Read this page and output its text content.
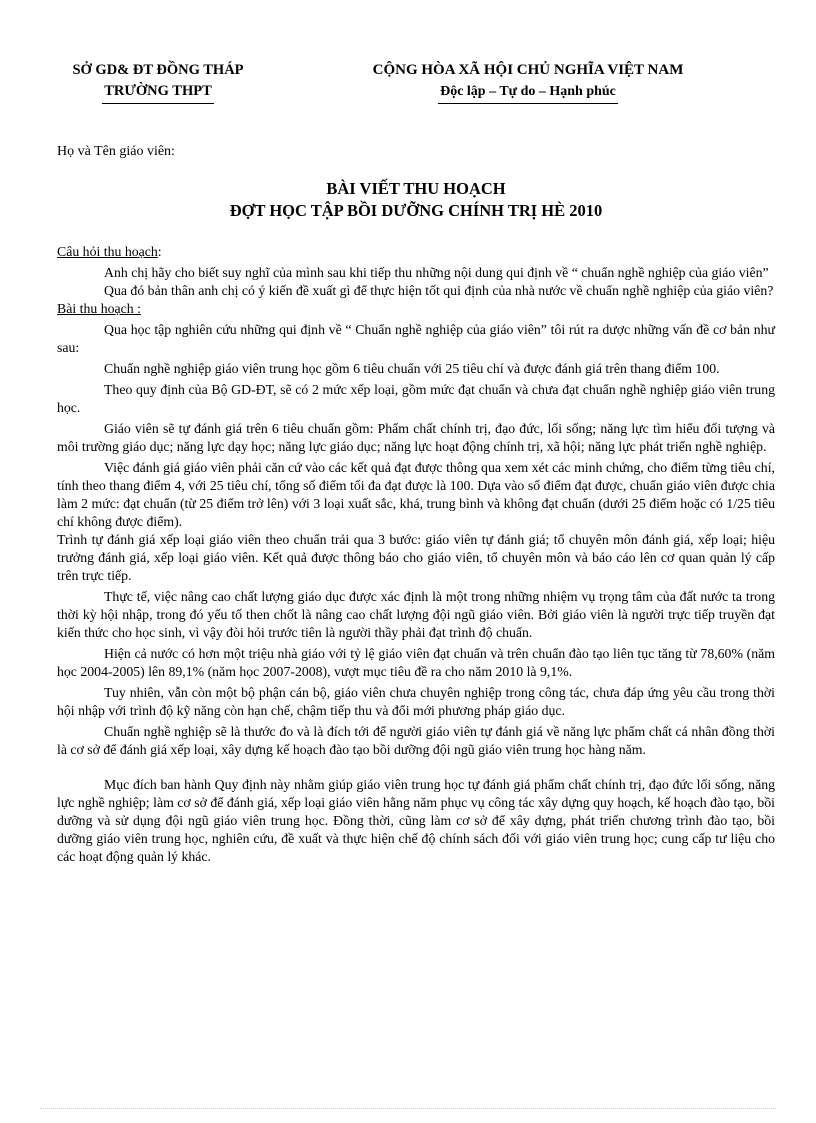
SỞ GD& ĐT ĐỒNG THÁP
TRƯỜNG THPT
CỘNG HÒA XÃ HỘI CHỦ NGHĨA VIỆT NAM
Độc lập – Tự do – Hạnh phúc
Họ và Tên giáo viên:
BÀI VIẾT THU HOẠCH
ĐỢT HỌC TẬP BỒI DƯỠNG CHÍNH TRỊ HÈ 2010

Câu hỏi thu hoạch:

Anh chị hãy cho biết suy nghĩ của mình sau khi tiếp thu những nội dung qui định về “ chuẩn nghề nghiệp của giáo viên”

Qua đó bản thân anh chị có ý kiến đề xuất gì để thực hiện tốt qui định của nhà nước về chuẩn nghề nghiệp của giáo viên?

Bài thu hoạch :

Qua học tập nghiên cứu những qui định về “ Chuẩn nghề nghiệp của giáo viên” tôi rút ra dược những vấn đề cơ bản như sau:

Chuẩn nghề nghiệp giáo viên trung học gồm 6 tiêu chuẩn với 25 tiêu chí và được đánh giá trên thang điểm 100.

Theo quy định của Bộ GD-ĐT, sẽ có 2 mức xếp loại, gồm mức đạt chuẩn và chưa đạt chuẩn nghề nghiệp giáo viên trung học.

Giáo viên sẽ tự đánh giá trên 6 tiêu chuẩn gồm: Phẩm chất chính trị, đạo đức, lối sống; năng lực tìm hiểu đối tượng và môi trường giáo dục; năng lực dạy học; năng lực giáo dục; năng lực hoạt động chính trị, xã hội; năng lực phát triển nghề nghiệp.

Việc đánh giá giáo viên phải căn cứ vào các kết quả đạt được thông qua xem xét các minh chứng, cho điểm từng tiêu chí, tính theo thang điểm 4, với 25 tiêu chí, tổng số điểm tối đa đạt được là 100. Dựa vào số điểm đạt được, chuẩn giáo viên được chia làm 2 mức: đạt chuẩn (từ 25 điểm trở lên) với 3 loại xuất sắc, khá, trung bình và không đạt chuẩn (dưới 25 điểm hoặc có 1/25 tiêu chí không được điểm).

Trình tự đánh giá xếp loại giáo viên theo chuẩn trải qua 3 bước: giáo viên tự đánh giá; tổ chuyên môn đánh giá, xếp loại; hiệu trưởng đánh giá, xếp loại giáo viên. Kết quả được thông báo cho giáo viên, tổ chuyên môn và báo cáo lên cơ quan quản lý cấp trên trực tiếp.

Thực tế, việc nâng cao chất lượng giáo dục được xác định là một trong những nhiệm vụ trọng tâm của đất nước ta trong thời kỳ hội nhập, trong đó yếu tố then chốt là nâng cao chất lượng đội ngũ giáo viên. Bởi giáo viên là người trực tiếp truyền đạt kiến thức cho học sinh, vì vậy đòi hỏi trước tiên là người thầy phải đạt trình độ chuẩn.

Hiện cả nước có hơn một triệu nhà giáo với tỷ lệ giáo viên đạt chuẩn và trên chuẩn đào tạo liên tục tăng từ 78,60% (năm học 2004-2005) lên 89,1% (năm học 2007-2008), vượt mục tiêu đề ra cho năm 2010 là 9,1%.

Tuy nhiên, vẫn còn một bộ phận cán bộ, giáo viên chưa chuyên nghiệp trong công tác, chưa đáp ứng yêu cầu trong thời hội nhập với trình độ kỹ năng còn hạn chế, chậm tiếp thu và đổi mới phương pháp giáo dục.

Chuẩn nghề nghiệp sẽ là thước đo và là đích tới để người giáo viên tự đánh giá về năng lực phẩm chất cá nhân đồng thời là cơ sở để đánh giá xếp loại, xây dựng kế hoạch đào tạo bồi dưỡng đội ngũ giáo viên trung học hàng năm.

Mục đích ban hành Quy định này nhằm giúp giáo viên trung học tự đánh giá phẩm chất chính trị, đạo đức lối sống, năng lực nghề nghiệp; làm cơ sở để đánh giá, xếp loại giáo viên hằng năm phục vụ công tác xây dựng quy hoạch, kế hoạch đào tạo, bồi dưỡng và sử dụng đội ngũ giáo viên trung học. Đồng thời, cũng làm cơ sở để xây dựng, phát triển chương trình đào tạo, bồi dưỡng giáo viên trung học, nghiên cứu, đề xuất và thực hiện chế độ chính sách đối với giáo viên trung học; cung cấp tư liệu cho các hoạt động quản lý khác.
